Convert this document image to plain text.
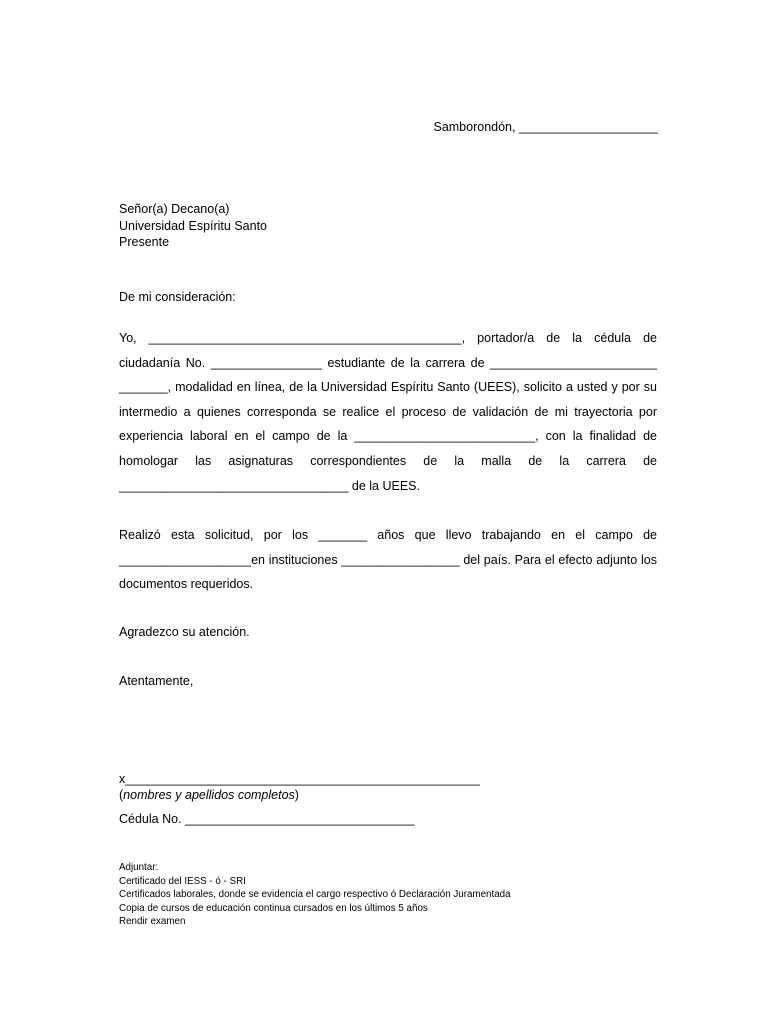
Samborondón, ____________________
Señor(a) Decano(a)
Universidad Espíritu Santo
Presente
De mi consideración:
Yo, _____________________________________________, portador/a de la cédula de ciudadanía No. ________________ estudiante de la carrera de ________________________ _______, modalidad en línea, de la Universidad Espíritu Santo (UEES), solicito a usted y por su intermedio a quienes corresponda se realice el proceso de validación de mi trayectoria por experiencia laboral en el campo de la __________________________, con la finalidad de homologar las asignaturas correspondientes de la malla de la carrera de _________________________________ de la UEES.
Realizó esta solicitud, por los _______ años que llevo trabajando en el campo de ___________________en instituciones _________________ del país. Para el efecto adjunto los documentos requeridos.
Agradezco su atención.
Atentamente,
x___________________________________________________
(nombres y apellidos completos)
Cédula No. _________________________________
Adjuntar:
Certificado del IESS - ó - SRI
Certificados laborales, donde se evidencia el cargo respectivo ó Declaración Juramentada
Copia de cursos de educación continua cursados en los últimos 5 años
Rendir examen
